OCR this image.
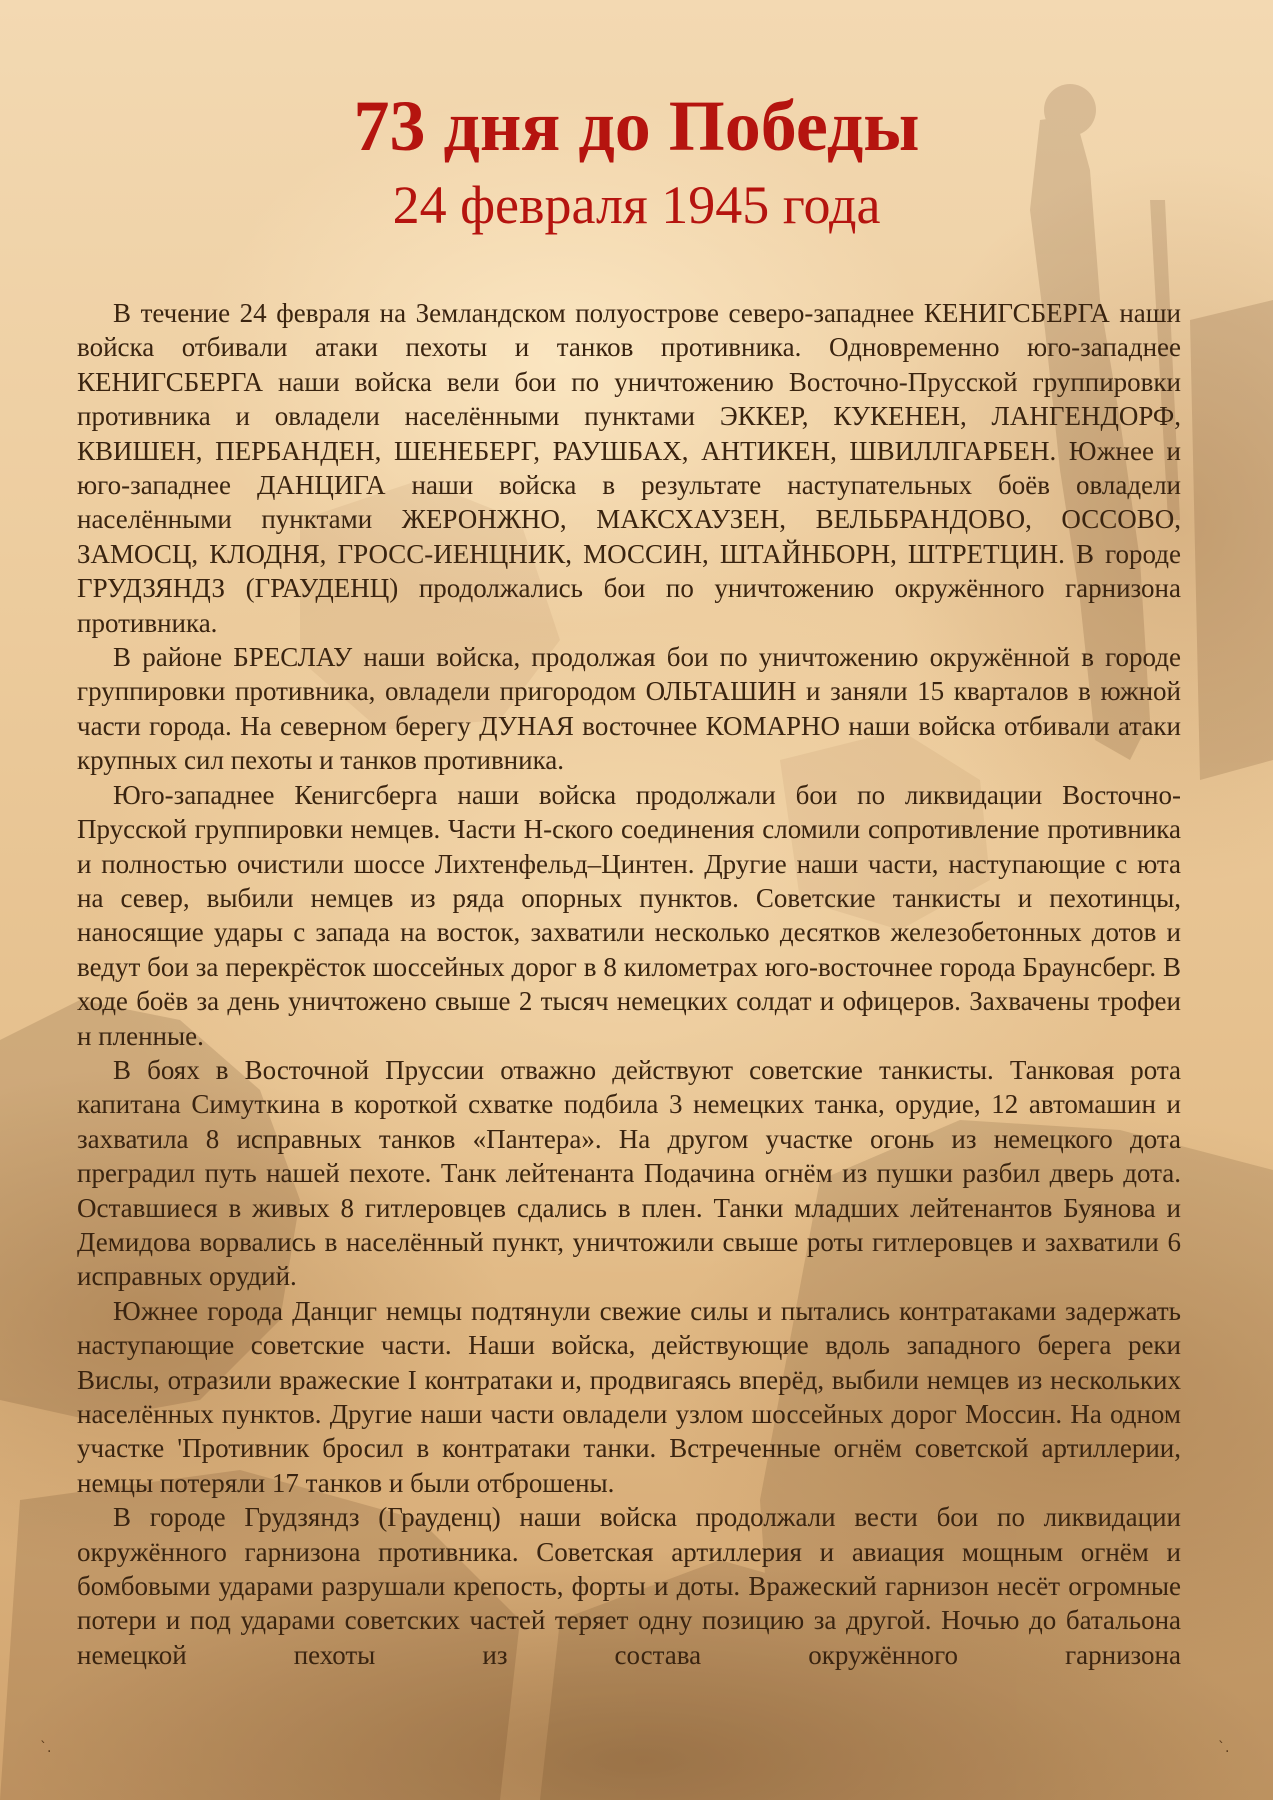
73 дня до Победы
24 февраля 1945 года

В течение 24 февраля на Земландском полуострове северо-западнее КЕНИГСБЕРГА наши войска отбивали атаки пехоты и танков противника. Одновременно юго-западнее КЕНИГСБЕРГА наши войска вели бои по уничтожению Восточно-Прусской группировки противника и овладели населёнными пунктами ЭККЕР, КУКЕНЕН, ЛАНГЕНДОРФ, КВИШЕН, ПЕРБАНДЕН, ШЕНЕБЕРГ, РАУШБАХ, АНТИКЕН, ШВИЛЛГАРБЕН. Южнее и юго-западнее ДАНЦИГА наши войска в результате наступательных боёв овладели населёнными пунктами ЖЕРОНЖНО, МАКСХАУЗЕН, ВЕЛЬБРАНДОВО, ОССОВО, ЗАМОСЦ, КЛОДНЯ, ГРОСС-ИЕНЦНИК, МОССИН, ШТАЙНБОРН, ШТРЕТЦИН. В городе ГРУДЗЯНДЗ (ГРАУДЕНЦ) продолжались бои по уничтожению окружённого гарнизона противника.

В районе БРЕСЛАУ наши войска, продолжая бои по уничтожению окружённой в городе группировки противника, овладели пригородом ОЛЬТАШИН и заняли 15 кварталов в южной части города. На северном берегу ДУНАЯ восточнее КОМАРНО наши войска отбивали атаки крупных сил пехоты и танков противника.

Юго-западнее Кенигсберга наши войска продолжали бои по ликвидации Восточно-Прусской группировки немцев. Части Н-ского соединения сломили сопротивление противника и полностью очистили шоссе Лихтенфельд–Цинтен. Другие наши части, наступающие с юта на север, выбили немцев из ряда опорных пунктов. Советские танкисты и пехотинцы, наносящие удары с запада на восток, захватили несколько десятков железобетонных дотов и ведут бои за перекрёсток шоссейных дорог в 8 километрах юго-восточнее города Браунсберг. В ходе боёв за день уничтожено свыше 2 тысяч немецких солдат и офицеров. Захвачены трофеи н пленные.

В боях в Восточной Пруссии отважно действуют советские танкисты. Танковая рота капитана Симуткина в короткой схватке подбила 3 немецких танка, орудие, 12 автомашин и захватила 8 исправных танков «Пантера». На другом участке огонь из немецкого дота преградил путь нашей пехоте. Танк лейтенанта Подачина огнём из пушки разбил дверь дота. Оставшиеся в живых 8 гитлеровцев сдались в плен. Танки младших лейтенантов Буянова и Демидова ворвались в населённый пункт, уничтожили свыше роты гитлеровцев и захватили 6 исправных орудий.

Южнее города Данциг немцы подтянули свежие силы и пытались контратаками задержать наступающие советские части. Наши войска, действующие вдоль западного берега реки Вислы, отразили вражеские I контратаки и, продвигаясь вперёд, выбили немцев из нескольких населённых пунктов. Другие наши части овладели узлом шоссейных дорог Моссин. На одном участке 'Противник бросил в контратаки танки. Встреченные огнём советской артиллерии, немцы потеряли 17 танков и были отброшены.

В городе Грудзяндз (Грауденц) наши войска продолжали вести бои по ликвидации окружённого гарнизона противника. Советская артиллерия и авиация мощным огнём и бомбовыми ударами разрушали крепость, форты и доты. Вражеский гарнизон несёт огромные потери и под ударами советских частей теряет одну позицию за другой. Ночью до батальона немецкой пехоты из состава окружённого гарнизона

`.	`.
